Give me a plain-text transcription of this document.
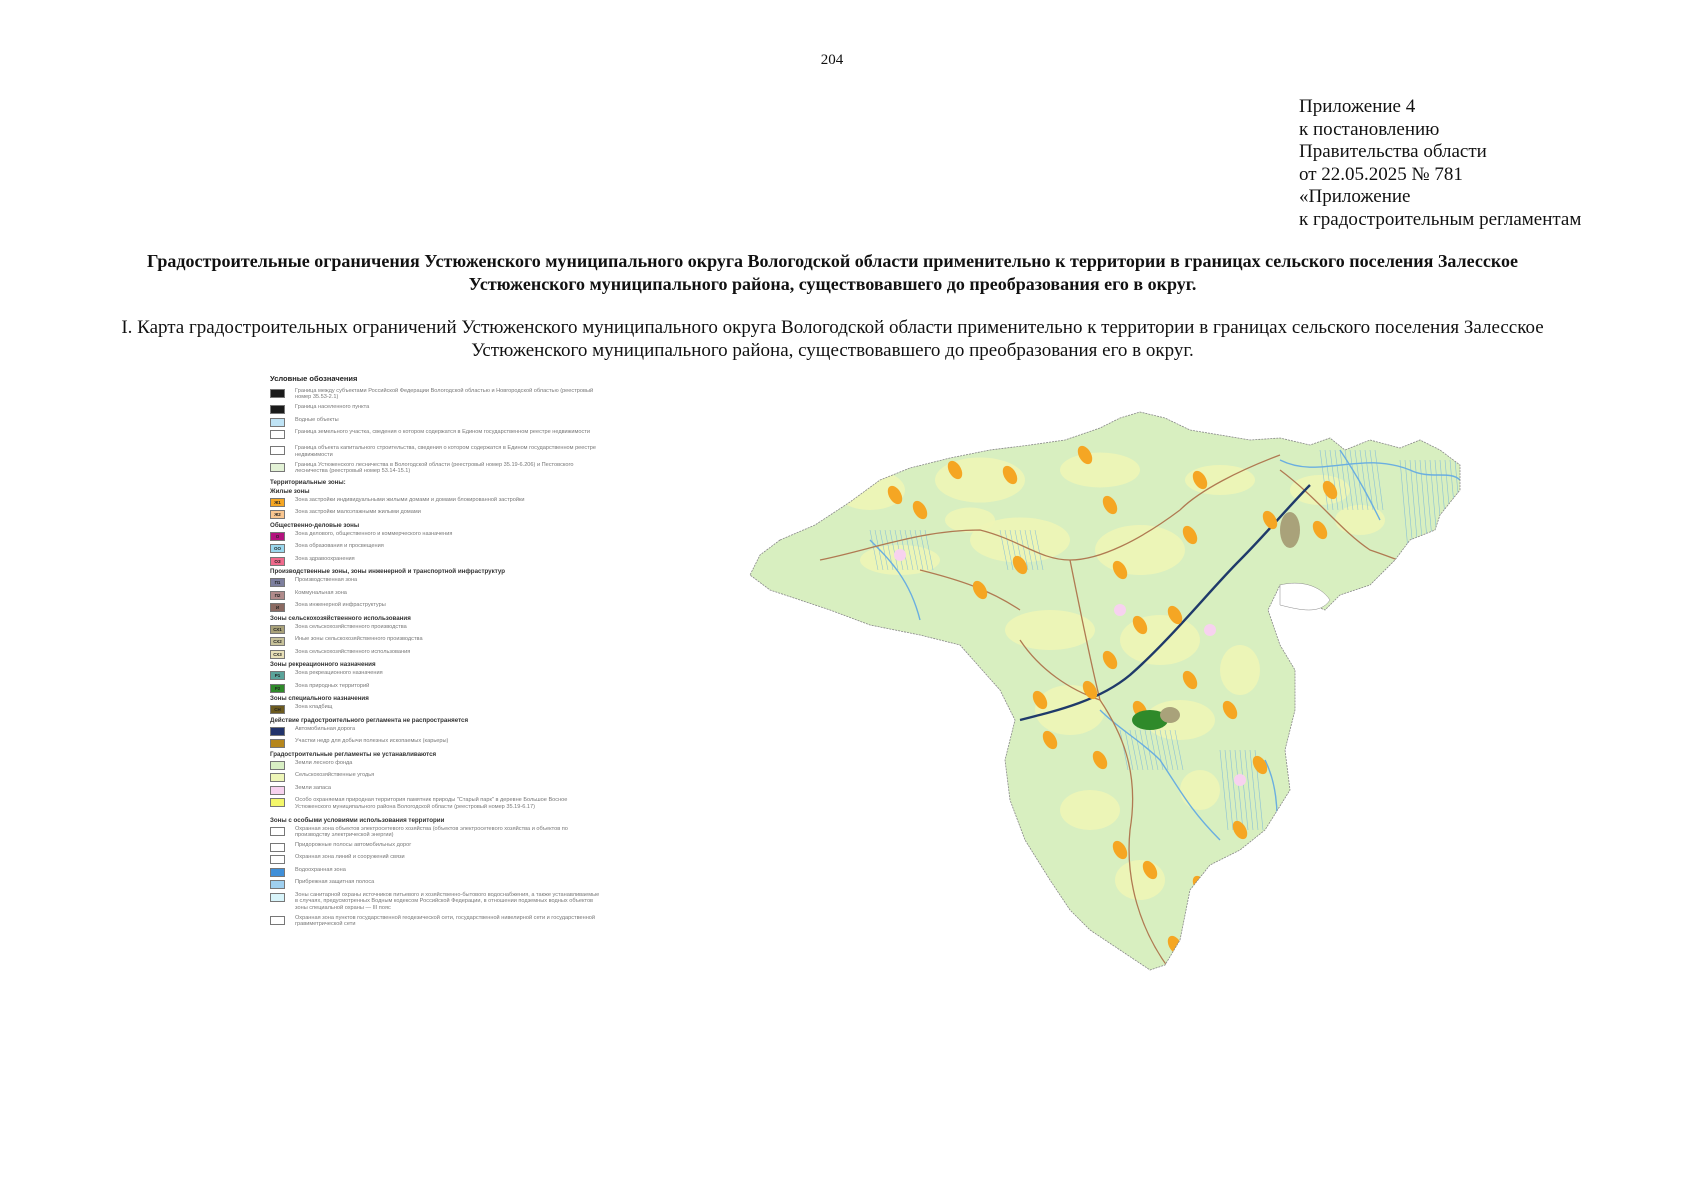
204
Приложение 4
к постановлению
Правительства области
от 22.05.2025 № 781
«Приложение
к градостроительным регламентам
Градостроительные ограничения Устюженского муниципального округа Вологодской области применительно к территории в границах сельского поселения Залесское
Устюженского муниципального района, существовавшего до преобразования его в округ.
I. Карта градостроительных ограничений Устюженского муниципального округа Вологодской области применительно к территории в границах сельского поселения Залесское
Устюженского муниципального района, существовавшего до преобразования его в округ.
Условные обозначения
Граница между субъектами Российской Федерации Вологодской областью и Новгородской областью (реестровый номер 35.53-2.1)
Граница населенного пункта
Водные объекты
Граница земельного участка, сведения о котором содержатся в Едином государственном реестре недвижимости
Граница объекта капитального строительства, сведения о котором содержатся в Едином государственном реестре недвижимости
Граница Устюженского лесничества в Вологодской области (реестровый номер 35.19-6.206) и Пестовского лесничества (реестровый номер 53.14-15.1)
Территориальные зоны:
Жилые зоны
Ж1	Зона застройки индивидуальными жилыми домами и домами блокированной застройки
Ж2	Зона застройки малоэтажными жилыми домами
Общественно-деловые зоны
О	Зона делового, общественного и коммерческого назначения
ОО	Зона образования и просвещения
ОЗ	Зона здравоохранения
Производственные зоны, зоны инженерной и транспортной инфраструктур
П1	Производственная зона
П2	Коммунальная зона
И	Зона инженерной инфраструктуры
Зоны сельскохозяйственного использования
СХ1	Зона сельскохозяйственного производства
СХ2	Иные зоны сельскохозяйственного производства
СХ3	Зона сельскохозяйственного использования
Зоны рекреационного назначения
Р1	Зона рекреационного назначения
Р2	Зона природных территорий
Зоны специального назначения
СН	Зона кладбищ
Действие градостроительного регламента не распространяется
Автомобильная дорога
Участки недр для добычи полезных ископаемых (карьеры)
Градостроительные регламенты не устанавливаются
Земли лесного фонда
Сельскохозяйственные угодья
Земли запаса
Особо охраняемая природная территория памятник природы "Старый парк" в деревне Большое Восное Устюженского муниципального района Вологодской области (реестровый номер 35.19-6.17)
Зоны с особыми условиями использования территории
Охранная зона объектов электросетевого хозяйства (объектов электросетевого хозяйства и объектов по производству электрической энергии)
Придорожные полосы автомобильных дорог
Охранная зона линий и сооружений связи
Водоохранная зона
Прибрежная защитная полоса
Зоны санитарной охраны источников питьевого и хозяйственно-бытового водоснабжения, а также устанавливаемые в случаях, предусмотренных Водным кодексом Российской Федерации, в отношении подземных водных объектов зоны специальной охраны — III пояс
Охранная зона пунктов государственной геодезической сети, государственной нивелирной сети и государственной гравиметрической сети
